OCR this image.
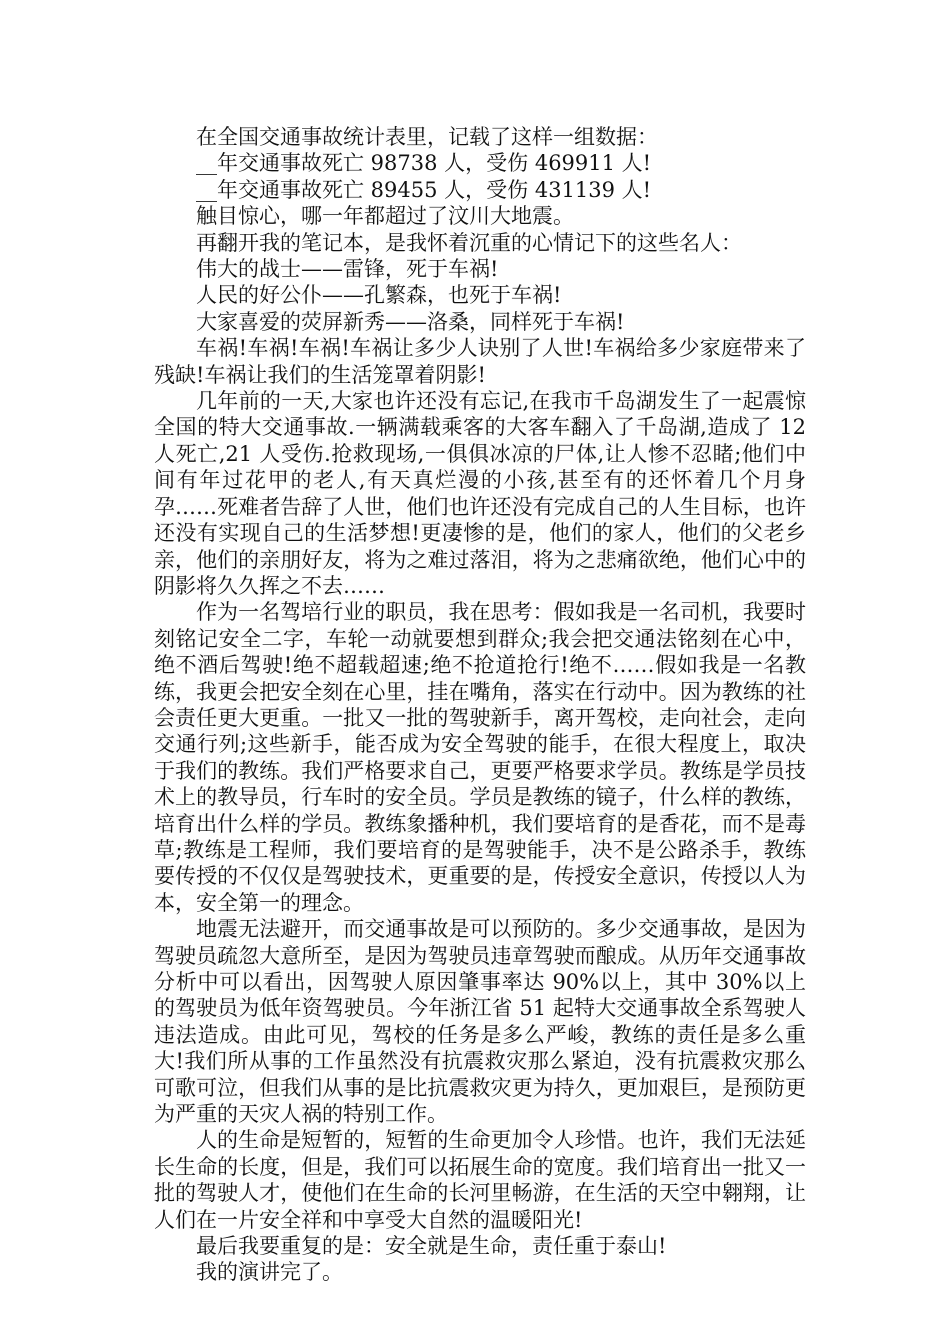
在全国交通事故统计表里，记载了这样一组数据：

__年交通事故死亡 98738 人，受伤 469911 人!

__年交通事故死亡 89455 人，受伤 431139 人!

触目惊心，哪一年都超过了汶川大地震。

再翻开我的笔记本，是我怀着沉重的心情记下的这些名人：

伟大的战士——雷锋，死于车祸!

人民的好公仆——孔繁森，也死于车祸!

大家喜爱的荧屏新秀——洛桑，同样死于车祸!

车祸!车祸!车祸!车祸让多少人诀别了人世!车祸给多少家庭带来了残缺!车祸让我们的生活笼罩着阴影!

几年前的一天,大家也许还没有忘记,在我市千岛湖发生了一起震惊全国的特大交通事故.一辆满载乘客的大客车翻入了千岛湖,造成了 12 人死亡,21 人受伤.抢救现场,一俱俱冰凉的尸体,让人惨不忍睹;他们中间有年过花甲的老人,有天真烂漫的小孩,甚至有的还怀着几个月身孕……死难者告辞了人世，他们也许还没有完成自己的人生目标，也许还没有实现自己的生活梦想!更凄惨的是，他们的家人，他们的父老乡亲，他们的亲朋好友，将为之难过落泪，将为之悲痛欲绝，他们心中的阴影将久久挥之不去……

作为一名驾培行业的职员，我在思考：假如我是一名司机，我要时刻铭记安全二字，车轮一动就要想到群众;我会把交通法铭刻在心中，绝不酒后驾驶!绝不超载超速;绝不抢道抢行!绝不……假如我是一名教练，我更会把安全刻在心里，挂在嘴角，落实在行动中。因为教练的社会责任更大更重。一批又一批的驾驶新手，离开驾校，走向社会，走向交通行列;这些新手，能否成为安全驾驶的能手，在很大程度上，取决于我们的教练。我们严格要求自己，更要严格要求学员。教练是学员技术上的教导员，行车时的安全员。学员是教练的镜子，什么样的教练，培育出什么样的学员。教练象播种机，我们要培育的是香花，而不是毒草;教练是工程师，我们要培育的是驾驶能手，决不是公路杀手，教练要传授的不仅仅是驾驶技术，更重要的是，传授安全意识，传授以人为本，安全第一的理念。

地震无法避开，而交通事故是可以预防的。多少交通事故，是因为驾驶员疏忽大意所至，是因为驾驶员违章驾驶而酿成。从历年交通事故分析中可以看出，因驾驶人原因肇事率达 90%以上，其中 30%以上的驾驶员为低年资驾驶员。今年浙江省 51 起特大交通事故全系驾驶人违法造成。由此可见，驾校的任务是多么严峻，教练的责任是多么重大!我们所从事的工作虽然没有抗震救灾那么紧迫，没有抗震救灾那么可歌可泣，但我们从事的是比抗震救灾更为持久，更加艰巨，是预防更为严重的天灾人祸的特别工作。

人的生命是短暂的，短暂的生命更加令人珍惜。也许，我们无法延长生命的长度，但是，我们可以拓展生命的宽度。我们培育出一批又一批的驾驶人才，使他们在生命的长河里畅游，在生活的天空中翱翔，让人们在一片安全祥和中享受大自然的温暖阳光!

最后我要重复的是：安全就是生命，责任重于泰山!

我的演讲完了。
